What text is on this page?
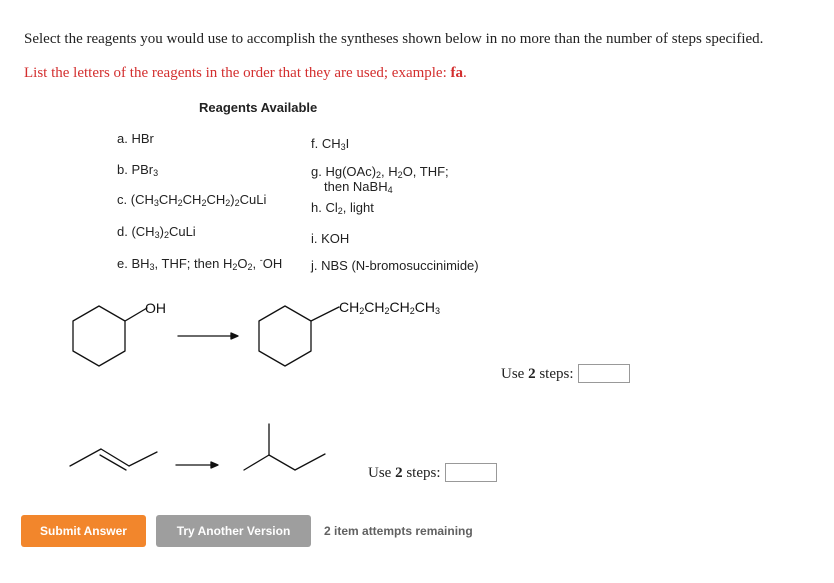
Select the reagents you would use to accomplish the syntheses shown below in no more than the number of steps specified.
List the letters of the reagents in the order that they are used; example: fa.
Reagents Available
a. HBr
b. PBr$_3$
c. $(CH_3CH_2CH_2CH_2)_2CuLi$
d. $(CH_3)_2CuLi$
e. $BH_3$, THF; then $H_2O_2$, -OH
f. $CH_3I$
g. $Hg(OAc)_2$, $H_2O$, THF;
then NaBH$_4$
h. $Cl_2$, light
i. KOH
j. NBS (N-bromosuccinimide)
OH	$CH_2CH_2CH_2CH_3$
Use 2 steps:
Use 2 steps:
Submit Answer	Try Another Version	2 item attempts remaining
